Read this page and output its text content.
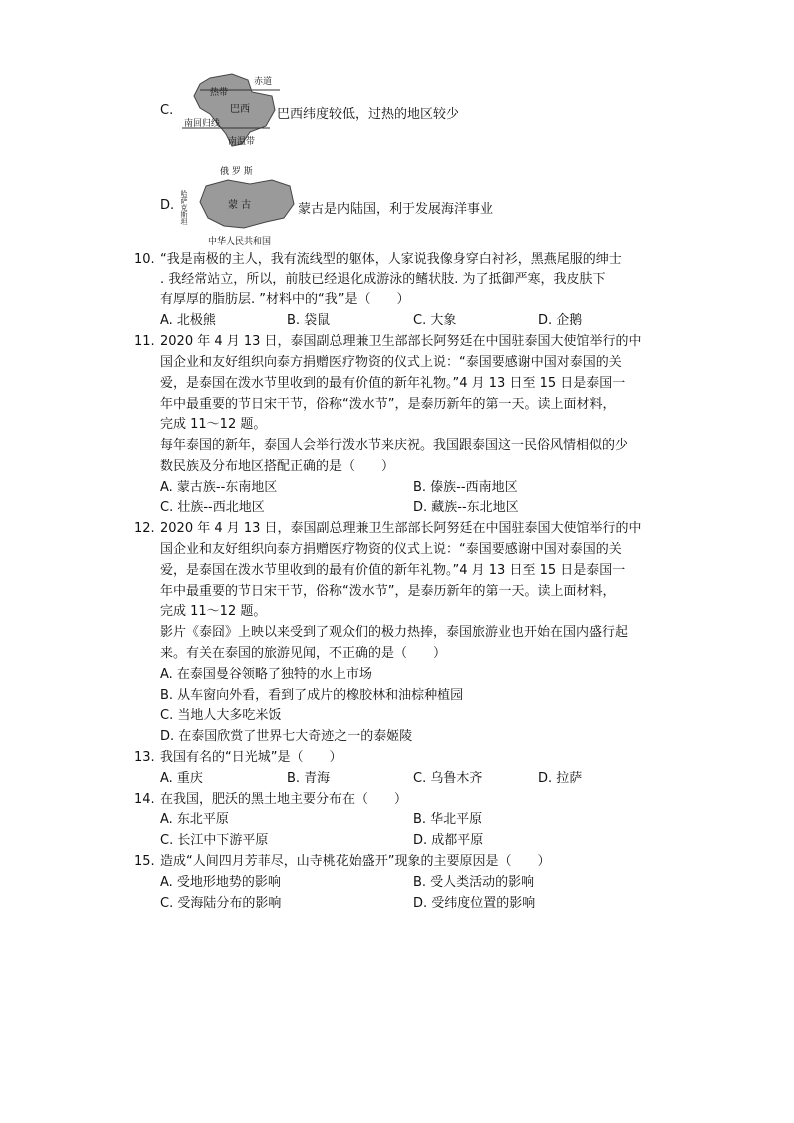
C.
赤道
热带
巴西
南回归线
南温带
巴西纬度较低，过热的地区较少
D.
俄 罗 斯
哈萨克斯坦	蒙 古
中华人民共和国
蒙古是内陆国，利于发展海洋事业
10. “我是南极的主人，我有流线型的躯体，人家说我像身穿白衬衫，黑燕尾服的绅士
. 我经常站立，所以，前肢已经退化成游泳的鳍状肢. 为了抵御严寒，我皮肤下
有厚厚的脂肪层. ”材料中的“我”是（　　）
A. 北极熊	B. 袋鼠	C. 大象	D. 企鹅
11. 2020 年 4 月 13 日，泰国副总理兼卫生部部长阿努廷在中国驻泰国大使馆举行的中
国企业和友好组织向泰方捐赠医疗物资的仪式上说：“泰国要感谢中国对泰国的关
爱，是泰国在泼水节里收到的最有价值的新年礼物。”4 月 13 日至 15 日是泰国一
年中最重要的节日宋干节，俗称“泼水节”，是泰历新年的第一天。读上面材料，
完成 11～12 题。
每年泰国的新年，泰国人会举行泼水节来庆祝。我国跟泰国这一民俗风情相似的少
数民族及分布地区搭配正确的是（　　）
A. 蒙古族--东南地区	B. 傣族--西南地区
C. 壮族--西北地区	D. 藏族--东北地区
12. 2020 年 4 月 13 日，泰国副总理兼卫生部部长阿努廷在中国驻泰国大使馆举行的中
国企业和友好组织向泰方捐赠医疗物资的仪式上说：“泰国要感谢中国对泰国的关
爱，是泰国在泼水节里收到的最有价值的新年礼物。”4 月 13 日至 15 日是泰国一
年中最重要的节日宋干节，俗称“泼水节”，是泰历新年的第一天。读上面材料，
完成 11～12 题。
影片《泰囧》上映以来受到了观众们的极力热捧，泰国旅游业也开始在国内盛行起
来。有关在泰国的旅游见闻，不正确的是（　　）
A. 在泰国曼谷领略了独特的水上市场
B. 从车窗向外看，看到了成片的橡胶林和油棕种植园
C. 当地人大多吃米饭
D. 在泰国欣赏了世界七大奇迹之一的泰姬陵
13. 我国有名的“日光城”是（　　）
A. 重庆	B. 青海	C. 乌鲁木齐	D. 拉萨
14. 在我国，肥沃的黑土地主要分布在（　　）
A. 东北平原	B. 华北平原
C. 长江中下游平原	D. 成都平原
15. 造成“人间四月芳菲尽，山寺桃花始盛开”现象的主要原因是（　　）
A. 受地形地势的影响	B. 受人类活动的影响
C. 受海陆分布的影响	D. 受纬度位置的影响
